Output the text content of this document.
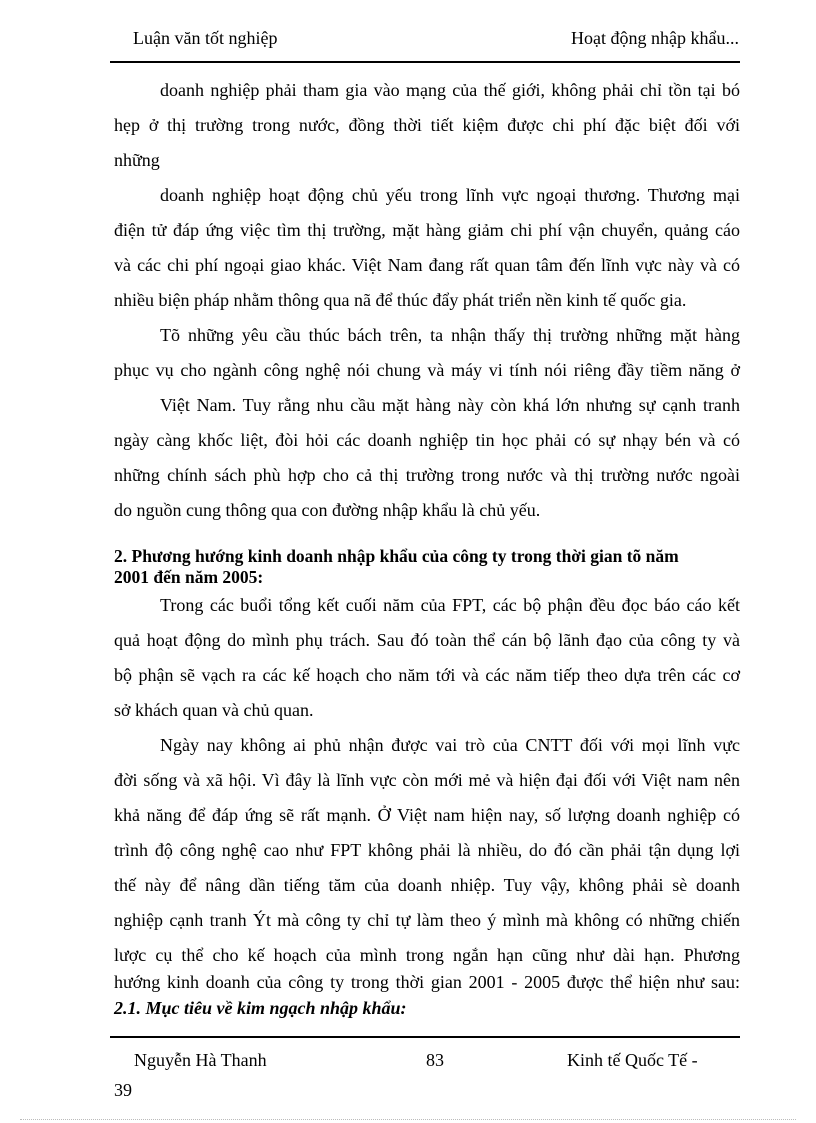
Luận văn tốt nghiệp	Hoạt động nhập khẩu...
doanh nghiệp phải tham gia vào mạng của thế giới, không phải chỉ tồn tại bó
hẹp ở thị trường trong nước, đồng thời tiết kiệm được chi phí đặc biệt đối với
những
doanh nghiệp hoạt động chủ yếu trong lĩnh vực ngoại thương. Thương mại
điện tử đáp ứng việc tìm thị trường, mặt hàng giảm chi phí vận chuyển, quảng cáo
và các chi phí ngoại giao khác. Việt Nam đang rất quan tâm đến lĩnh vực này và có
nhiều biện pháp nhằm thông qua nã để thúc đẩy phát triển nền kinh tế quốc gia.
Tõ những yêu cầu thúc bách trên, ta nhận thấy thị trường những mặt hàng
phục vụ cho ngành công nghệ nói chung và máy vi tính nói riêng đầy tiềm năng ở
Việt Nam. Tuy rằng nhu cầu mặt hàng này còn khá lớn nhưng sự cạnh tranh
ngày càng khốc liệt, đòi hỏi các doanh nghiệp tin học phải có sự nhạy bén và có
những chính sách phù hợp cho cả thị trường trong nước và thị trường nước ngoài
do nguồn cung thông qua con đường nhập khẩu là chủ yếu.
2. Phương hướng kinh doanh nhập khẩu của công ty trong thời gian tõ năm
2001 đến năm 2005:
Trong các buổi tổng kết cuối năm của FPT, các bộ phận đều đọc báo cáo kết
quả hoạt động do mình phụ trách. Sau đó toàn thể cán bộ lãnh đạo của công ty và
bộ phận sẽ vạch ra các kế hoạch cho năm tới và các năm tiếp theo dựa trên các cơ
sở khách quan và chủ quan.
Ngày nay không ai phủ nhận được vai trò của CNTT đối với mọi lĩnh vực
đời sống và xã hội. Vì đây là lĩnh vực còn mới mẻ và hiện đại đối với Việt nam nên
khả năng để đáp ứng sẽ rất mạnh. Ở Việt nam hiện nay, số lượng doanh nghiệp có
trình độ công nghệ cao như FPT không phải là nhiều, do đó cần phải tận dụng lợi
thế này để nâng dần tiếng tăm của doanh nhiệp. Tuy vậy, không phải sè doanh
nghiệp cạnh tranh Ýt mà công ty chỉ tự làm theo ý mình mà không có những chiến
lược cụ thể cho kế hoạch của mình trong ngắn hạn cũng như dài hạn. Phương
hướng kinh doanh của công ty trong thời gian 2001 - 2005 được thể hiện như sau:
2.1. Mục tiêu về kim ngạch nhập khẩu:
Nguyễn Hà Thanh	83	Kinh tế Quốc Tế -
39
